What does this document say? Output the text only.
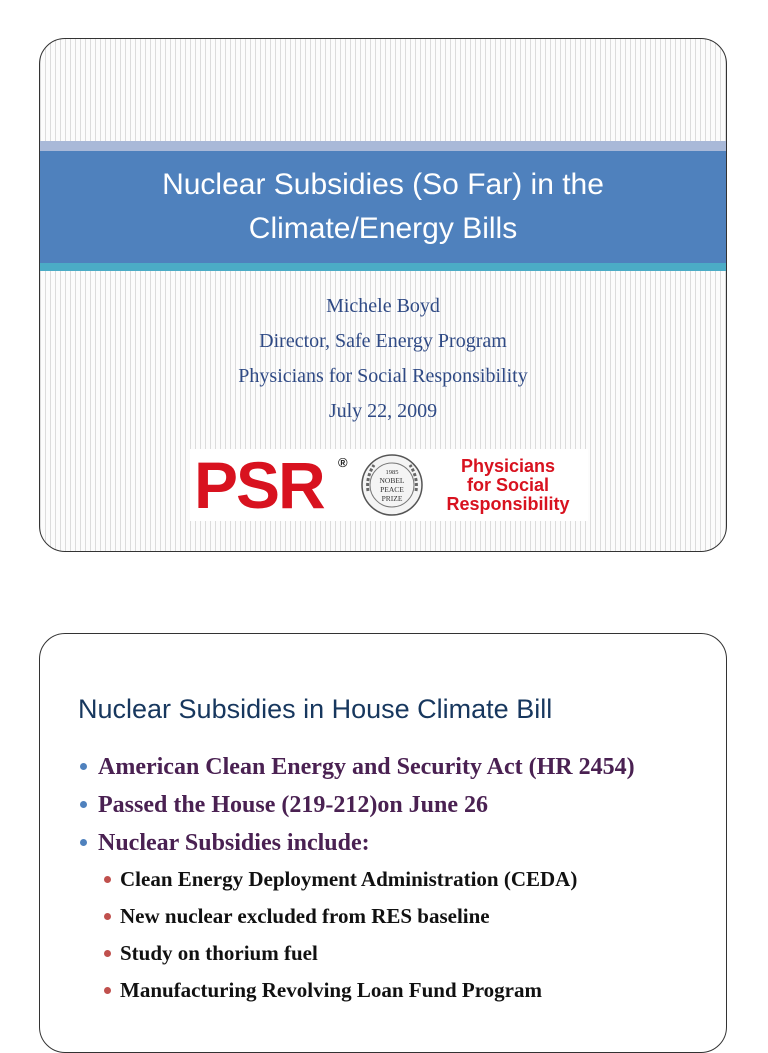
Nuclear Subsidies (So Far) in the
Climate/Energy Bills
Michele Boyd
Director, Safe Energy Program
Physicians for Social Responsibility
July 22, 2009
PSR ®
1985
NOBEL
PEACE
PRIZE
Physicians
for Social
Responsibility
Nuclear Subsidies in House Climate Bill
American Clean Energy and Security Act (HR 2454)
Passed the House (219-212)on June 26
Nuclear Subsidies include:
Clean Energy Deployment Administration (CEDA)
New nuclear excluded from RES baseline
Study on thorium fuel
Manufacturing Revolving Loan Fund Program
